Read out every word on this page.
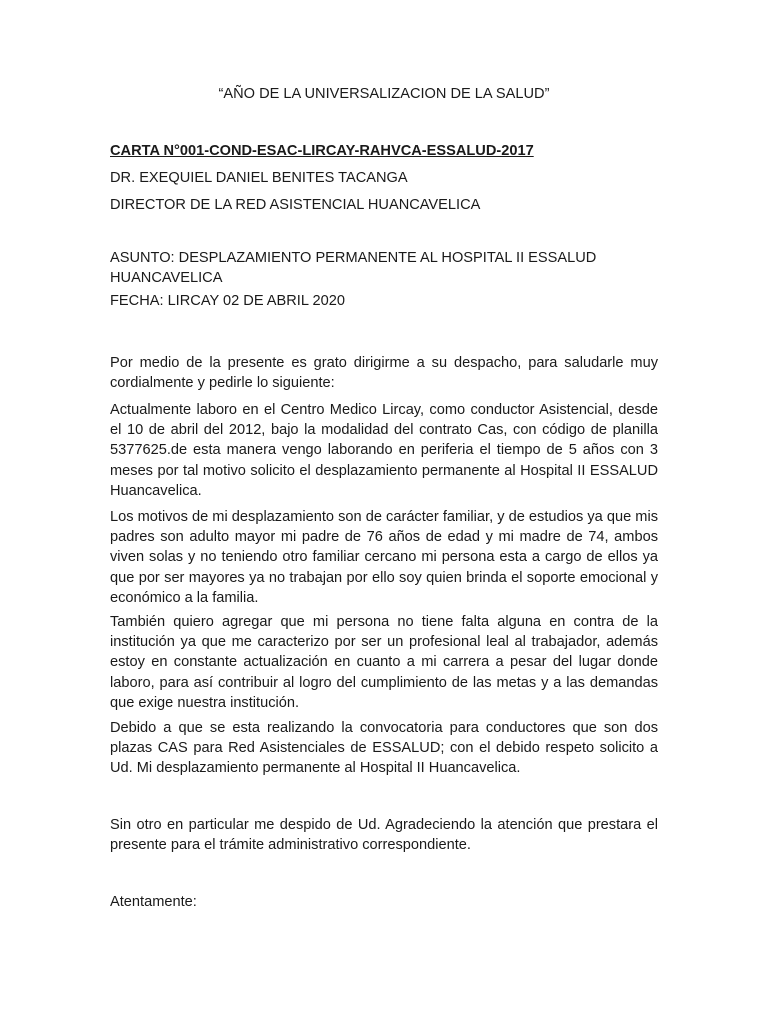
“AÑO DE LA UNIVERSALIZACION DE LA SALUD”
CARTA N°001-COND-ESAC-LIRCAY-RAHVCA-ESSALUD-2017
DR. EXEQUIEL DANIEL BENITES TACANGA
DIRECTOR DE LA RED ASISTENCIAL HUANCAVELICA
ASUNTO: DESPLAZAMIENTO PERMANENTE AL HOSPITAL II ESSALUD HUANCAVELICA
FECHA: LIRCAY 02 DE ABRIL 2020
Por medio de la presente es grato dirigirme a su despacho, para saludarle muy cordialmente y pedirle lo siguiente:
Actualmente laboro en el Centro Medico Lircay, como conductor Asistencial, desde el 10 de abril del 2012, bajo la modalidad del contrato Cas, con código de planilla 5377625.de esta manera vengo laborando en periferia el tiempo de 5 años con 3 meses por tal motivo solicito el desplazamiento permanente al Hospital II ESSALUD Huancavelica.
Los motivos de mi desplazamiento son de carácter familiar, y de estudios ya que mis padres son adulto mayor mi padre de 76 años de edad y mi madre de 74, ambos viven solas y no teniendo otro familiar cercano mi persona esta a cargo de ellos ya que por ser mayores ya no trabajan por ello soy quien brinda el soporte emocional y económico a la familia.
También quiero agregar que mi persona no tiene falta alguna en contra de la institución ya que me caracterizo por ser un profesional leal al trabajador, además estoy en constante actualización en cuanto a mi carrera a pesar del lugar donde laboro, para así contribuir al logro del cumplimiento de las metas y a las demandas que exige nuestra institución.
Debido a que se esta realizando la convocatoria para conductores que son dos plazas CAS para Red Asistenciales de ESSALUD; con el debido respeto solicito a Ud. Mi desplazamiento permanente al Hospital II Huancavelica.
Sin otro en particular me despido de Ud. Agradeciendo la atención que prestara el presente para el trámite administrativo correspondiente.
Atentamente:
